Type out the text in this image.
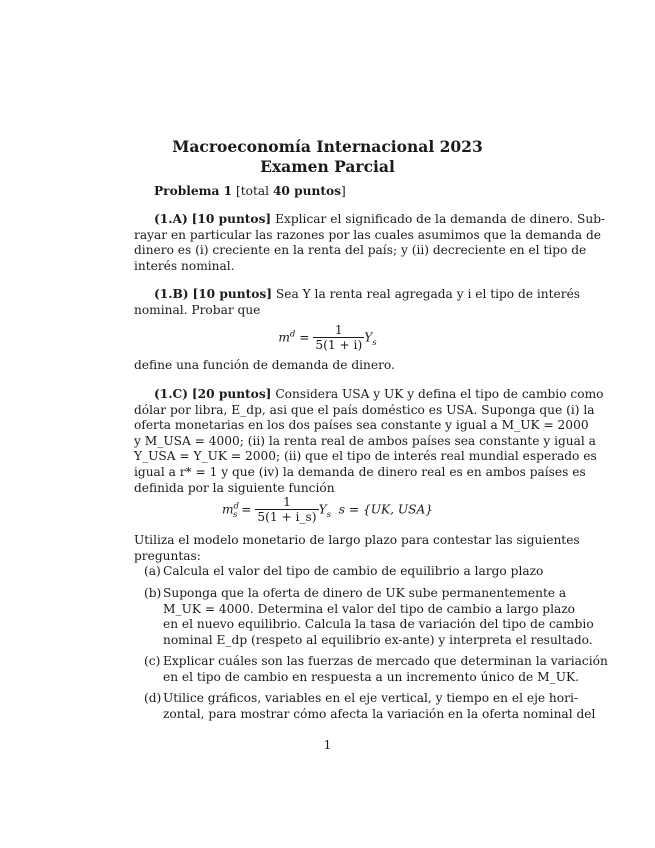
Macroeconomía Internacional 2023
Examen Parcial
Problema 1 [total 40 puntos]
(1.A) [10 puntos] Explicar el significado de la demanda de dinero. Sub-
rayar en particular las razones por las cuales asumimos que la demanda de
dinero es (i) creciente en la renta del país; y (ii) decreciente en el tipo de
interés nominal.
(1.B) [10 puntos] Sea Y la renta real agregada y i el tipo de interés
nominal. Probar que
$m^d = \frac{1}{5(1 + i)} Y_s$
define una función de demanda de dinero.
(1.C) [20 puntos] Considera USA y UK y defina el tipo de cambio como
dólar por libra, E_dp, asi que el país doméstico es USA. Suponga que (i) la
oferta monetarias en los dos países sea constante y igual a M_UK = 2000
y M_USA = 4000; (ii) la renta real de ambos países sea constante y igual a
Y_USA = Y_UK = 2000; (ii) que el tipo de interés real mundial esperado es
igual a r* = 1 y que (iv) la demanda de dinero real es en ambos países es
definida por la siguiente función
$m^d_s = \frac{1}{5(1 + i\_s)} Y_s$ s = {UK, USA}
Utiliza el modelo monetario de largo plazo para contestar las siguientes
preguntas:
(a) Calcula el valor del tipo de cambio de equilibrio a largo plazo
(b) Suponga que la oferta de dinero de UK sube permanentemente a
M_UK = 4000. Determina el valor del tipo de cambio a largo plazo
en el nuevo equilibrio. Calcula la tasa de variación del tipo de cambio
nominal E_dp (respeto al equilibrio ex-ante) y interpreta el resultado.
(c) Explicar cuáles son las fuerzas de mercado que determinan la variación
en el tipo de cambio en respuesta a un incremento único de M_UK.
(d) Utilice gráficos, variables en el eje vertical, y tiempo en el eje hori-
zontal, para mostrar cómo afecta la variación en la oferta nominal del
1
